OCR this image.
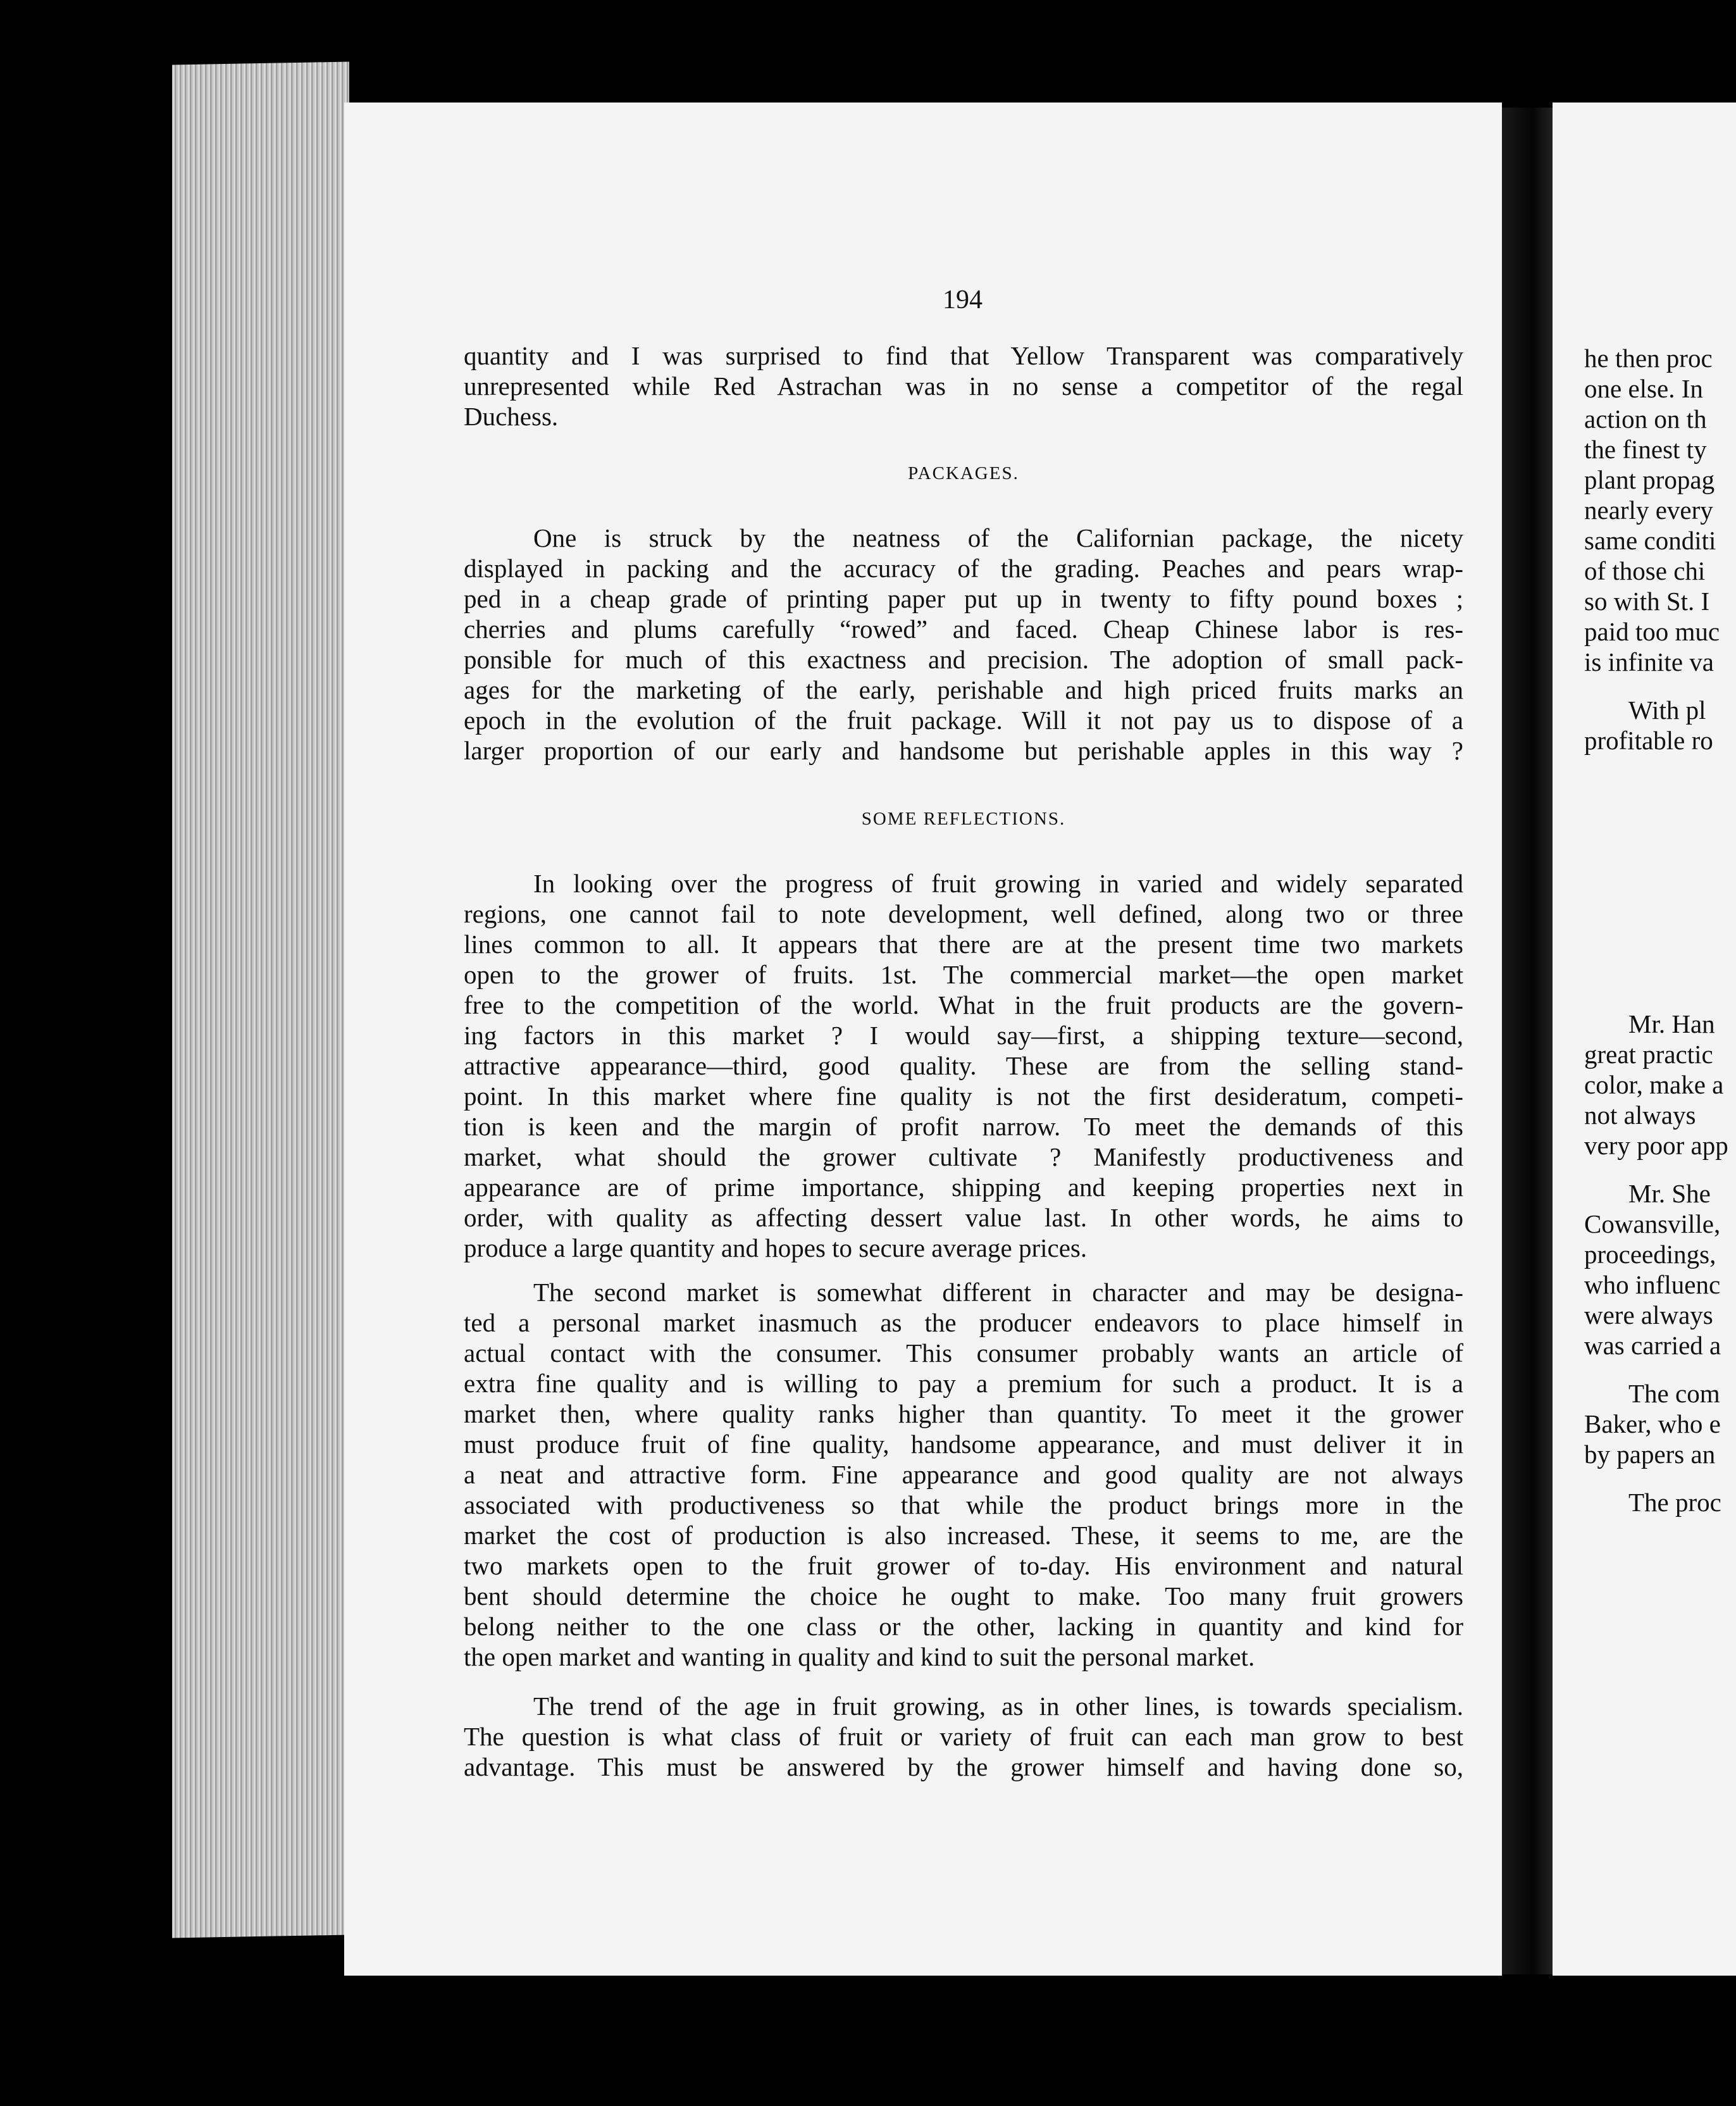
194
quantity and I was surprised to find that Yellow Transparent was comparatively
unrepresented while Red Astrachan was in no sense a competitor of the regal
Duchess.
PACKAGES.
One is struck by the neatness of the Californian package, the nicety
displayed in packing and the accuracy of the grading. Peaches and pears wrap-
ped in a cheap grade of printing paper put up in twenty to fifty pound boxes ;
cherries and plums carefully “rowed” and faced. Cheap Chinese labor is res-
ponsible for much of this exactness and precision. The adoption of small pack-
ages for the marketing of the early, perishable and high priced fruits marks an
epoch in the evolution of the fruit package. Will it not pay us to dispose of a
larger proportion of our early and handsome but perishable apples in this way ?
SOME REFLECTIONS.
In looking over the progress of fruit growing in varied and widely separated
regions, one cannot fail to note development, well defined, along two or three
lines common to all. It appears that there are at the present time two markets
open to the grower of fruits. 1st. The commercial market—the open market
free to the competition of the world. What in the fruit products are the govern-
ing factors in this market ? I would say—first, a shipping texture—second,
attractive appearance—third, good quality. These are from the selling stand-
point. In this market where fine quality is not the first desideratum, competi-
tion is keen and the margin of profit narrow. To meet the demands of this
market, what should the grower cultivate ? Manifestly productiveness and
appearance are of prime importance, shipping and keeping properties next in
order, with quality as affecting dessert value last. In other words, he aims to
produce a large quantity and hopes to secure average prices.
The second market is somewhat different in character and may be designa-
ted a personal market inasmuch as the producer endeavors to place himself in
actual contact with the consumer. This consumer probably wants an article of
extra fine quality and is willing to pay a premium for such a product. It is a
market then, where quality ranks higher than quantity. To meet it the grower
must produce fruit of fine quality, handsome appearance, and must deliver it in
a neat and attractive form. Fine appearance and good quality are not always
associated with productiveness so that while the product brings more in the
market the cost of production is also increased. These, it seems to me, are the
two markets open to the fruit grower of to-day. His environment and natural
bent should determine the choice he ought to make. Too many fruit growers
belong neither to the one class or the other, lacking in quantity and kind for
the open market and wanting in quality and kind to suit the personal market.
The trend of the age in fruit growing, as in other lines, is towards specialism.
The question is what class of fruit or variety of fruit can each man grow to best
advantage. This must be answered by the grower himself and having done so,
he then proc
one else. In
action on th
the finest ty
plant propag
nearly every
same conditi
of those chi
so with St. I
paid too muc
is infinite va
With pl
profitable ro
Mr. Han
great practic
color, make a
not always
very poor app
Mr. She
Cowansville,
proceedings,
who influenc
were always
was carried a
The com
Baker, who e
by papers an
The proc
